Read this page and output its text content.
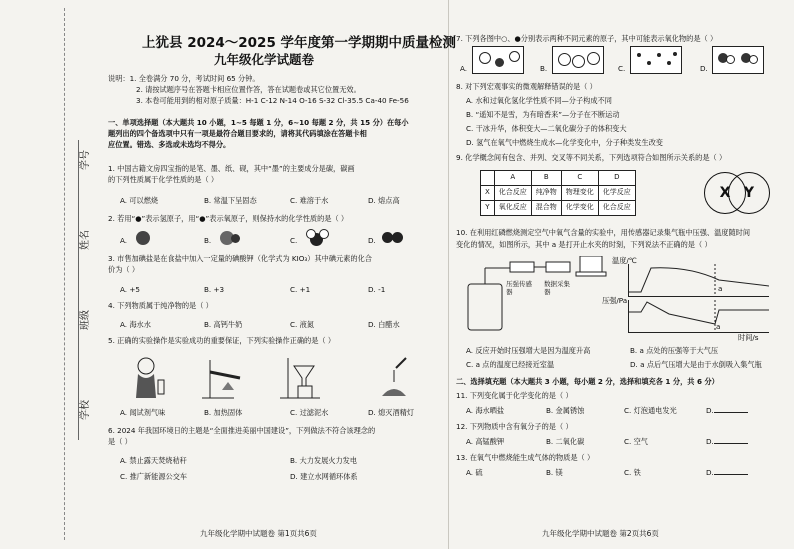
学校
班级
姓名
学号
上犹县 2024～2025 学年度第一学期期中质量检测
九年级化学试题卷
说明：1. 全卷满分 70 分，考试时间 65 分钟。
2. 请按试题序号在答题卡相应位置作答，答在试题卷或其它位置无效。
3. 本卷可能用到的相对原子质量：H-1 C-12 N-14 O-16 S-32 Cl-35.5 Ca-40 Fe-56
一、单项选择题（本大题共 10 小题，1~5 每题 1 分，6~10 每题 2 分，共 15 分）在每小
题列出的四个备选项中只有一项是最符合题目要求的，请将其代码填涂在答题卡相
应位置。错选、多选或未选均不得分。
1. 中国古籍文房四宝指的是笔、墨、纸、砚，其中“墨”的主要成分是碳，碳画
的下列性质属于化学性质的是（ ）
A. 可以燃烧	B. 常温下呈固态	C. 难溶于水	D. 熔点高
2. 若用“●”表示氢原子，用“●”表示氧原子，则保持水的化学性质的是（ ）
A.	B.	C.	D.
3. 市售加碘盐是在食盐中加入一定量的碘酸钾（化学式为 KIO₃）其中碘元素的化合
价为（ ）
A. +5	B. +3	C. +1	D. -1
4. 下列物质属于纯净物的是（ ）
A. 海水水	B. 高钙牛奶	C. 液氮	D. 白醋水
5. 正确的实验操作是实验成功的重要保证，下列实验操作正确的是（ ）
A. 闻试剂气味	B. 加热固体	C. 过滤泥水	D. 熄灭酒精灯
6. 2024 年我国环境日的主题是“全面推进美丽中国建设”，下列做法不符合该理念的
是（ ）
A. 禁止露天焚烧秸秆	B. 大力发展火力发电
C. 推广新能源公交车	D. 建立水网循环体系
九年级化学期中试题卷 第1页共6页
7. 下列各图中○、●分别表示两种不同元素的原子，其中可能表示氧化物的是（ ）
A.	B.	C.	D.
8. 对下列宏观事实的微观解释错误的是（ ）
A. 水和过氧化氢化学性质不同—分子构成不同
B. “遥知不是雪，为有暗香来”—分子在不断运动
C. 干冰升华，体积变大—二氧化碳分子的体积变大
D. 氢气在氧气中燃烧生成水—化学变化中，分子种类发生改变
9. 化学概念间有包含、并列、交叉等不同关系，下列选项符合如图所示关系的是（ ）
	A	B	C	D
X	化合反应	纯净物	物理变化	化学反应
Y	氧化反应	混合物	化学变化	化合反应
X Y
10. 在利用红磷燃烧测定空气中氧气含量的实验中，用传感器记录集气瓶中压强、温度随时间
变化的情况，如图所示，其中 a 是打开止水夹的时刻，下列说法不正确的是（ ）
压强传感器
数据采集器
温度/℃
a
压强/Pa
a
时间/s
A. 反应开始时压强增大是因为温度升高	B. a 点处的压强等于大气压
C. a 点的温度已经接近室温	D. a 点后气压增大是由于水倒吸入集气瓶
二、选择填充题（本大题共 3 小题，每小题 2 分，选择和填充各 1 分，共 6 分）
11. 下列变化属于化学变化的是（ ）
A. 海水晒盐	B. 金属锈蚀	C. 灯泡通电发光	D.
12. 下列物质中含有氧分子的是（ ）
A. 高锰酸钾	B. 二氧化碳	C. 空气	D.
13. 在氧气中燃烧能生成气体的物质是（ ）
A. 硫	B. 镁	C. 铁	D.
九年级化学期中试题卷 第2页共6页
